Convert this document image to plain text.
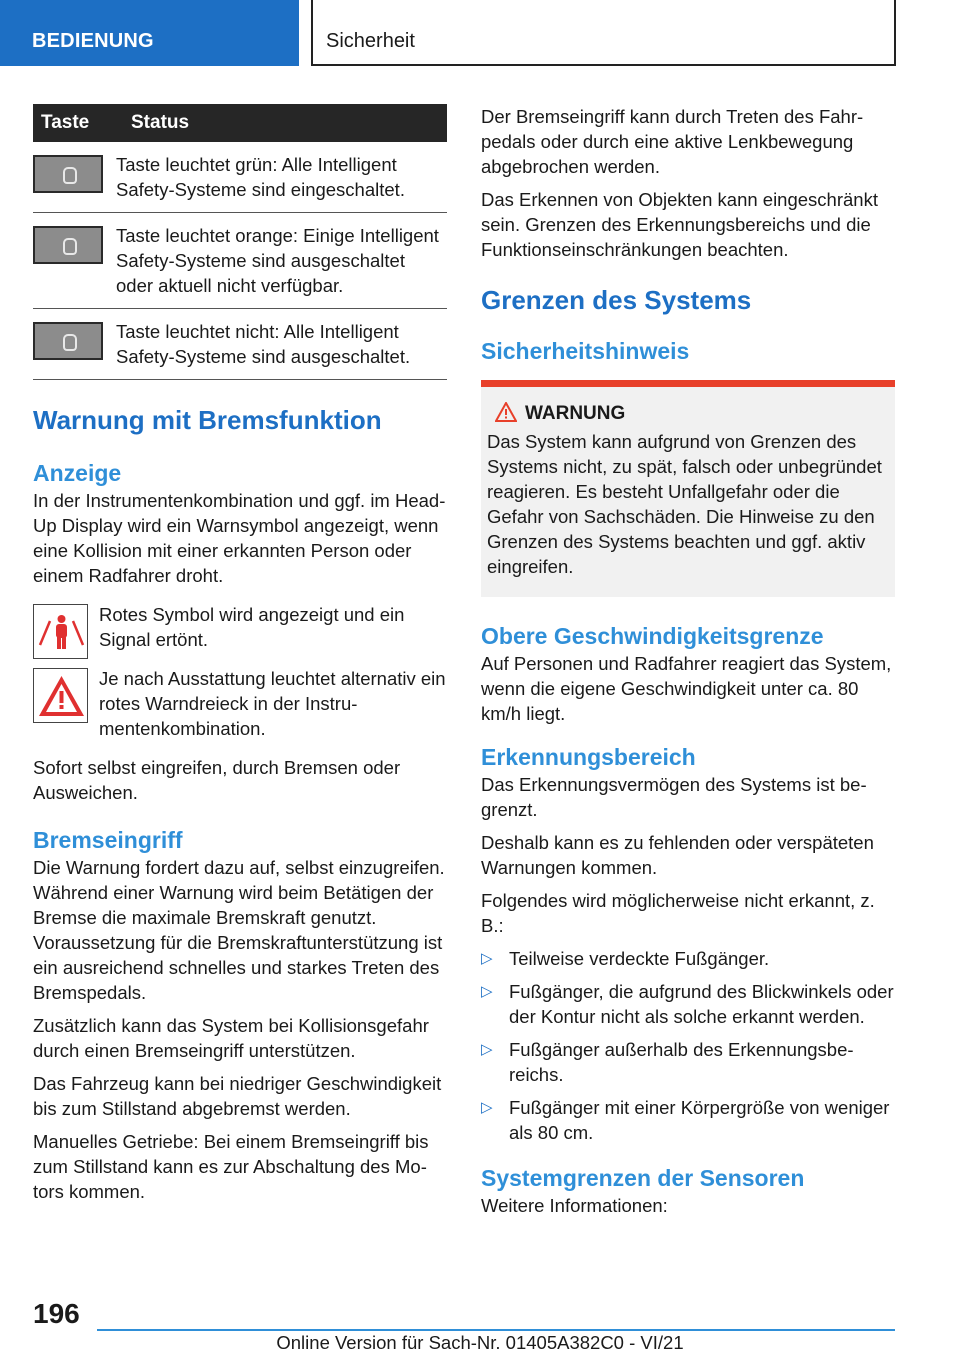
BEDIENUNG	Sicherheit
Taste	Status

	Taste leuchtet grün: Alle Intelligent Safety-Systeme sind eingeschaltet.

	Taste leuchtet orange: Einige Intelligent Safety-Systeme sind ausgeschaltet oder aktuell nicht verfügbar.

	Taste leuchtet nicht: Alle Intelligent Safety-Systeme sind ausgeschaltet.
Warnung mit Bremsfunktion
Anzeige

In der Instrumentenkombination und ggf. im Head-Up Display wird ein Warnsymbol angezeigt, wenn eine Kollision mit einer erkannten Person oder einem Radfahrer droht.

Rotes Symbol wird angezeigt und ein Signal ertönt.

Je nach Ausstattung leuchtet alternativ ein rotes Warndreieck in der Instrumentenkombination.

Sofort selbst eingreifen, durch Bremsen oder Ausweichen.

Bremseingriff

Die Warnung fordert dazu auf, selbst einzugreifen. Während einer Warnung wird beim Betätigen der Bremse die maximale Bremskraft genutzt. Voraussetzung für die Bremskraftunterstützung ist ein ausreichend schnelles und starkes Treten des Bremspedals.

Zusätzlich kann das System bei Kollisionsgefahr durch einen Bremseingriff unterstützen.

Das Fahrzeug kann bei niedriger Geschwindigkeit bis zum Stillstand abgebremst werden.

Manuelles Getriebe: Bei einem Bremseingriff bis zum Stillstand kann es zur Abschaltung des Motors kommen.

Der Bremseingriff kann durch Treten des Fahrpedals oder durch eine aktive Lenkbewegung abgebrochen werden.

Das Erkennen von Objekten kann eingeschränkt sein. Grenzen des Erkennungsbereichs und die Funktionseinschränkungen beachten.

Grenzen des Systems
Sicherheitshinweis
WARNUNG

Das System kann aufgrund von Grenzen des Systems nicht, zu spät, falsch oder unbegründet reagieren. Es besteht Unfallgefahr oder die Gefahr von Sachschäden. Die Hinweise zu den Grenzen des Systems beachten und ggf. aktiv eingreifen.

Obere Geschwindigkeitsgrenze

Auf Personen und Radfahrer reagiert das System, wenn die eigene Geschwindigkeit unter ca. 80 km/h liegt.

Erkennungsbereich

Das Erkennungsvermögen des Systems ist begrenzt.

Deshalb kann es zu fehlenden oder verspäteten Warnungen kommen.

Folgendes wird möglicherweise nicht erkannt, z. B.:

▷ Teilweise verdeckte Fußgänger.
▷ Fußgänger, die aufgrund des Blickwinkels oder der Kontur nicht als solche erkannt werden.
▷ Fußgänger außerhalb des Erkennungsbereichs.
▷ Fußgänger mit einer Körpergröße von weniger als 80 cm.
Systemgrenzen der Sensoren

Weitere Informationen:

196
Online Version für Sach-Nr. 01405A382C0 - VI/21
